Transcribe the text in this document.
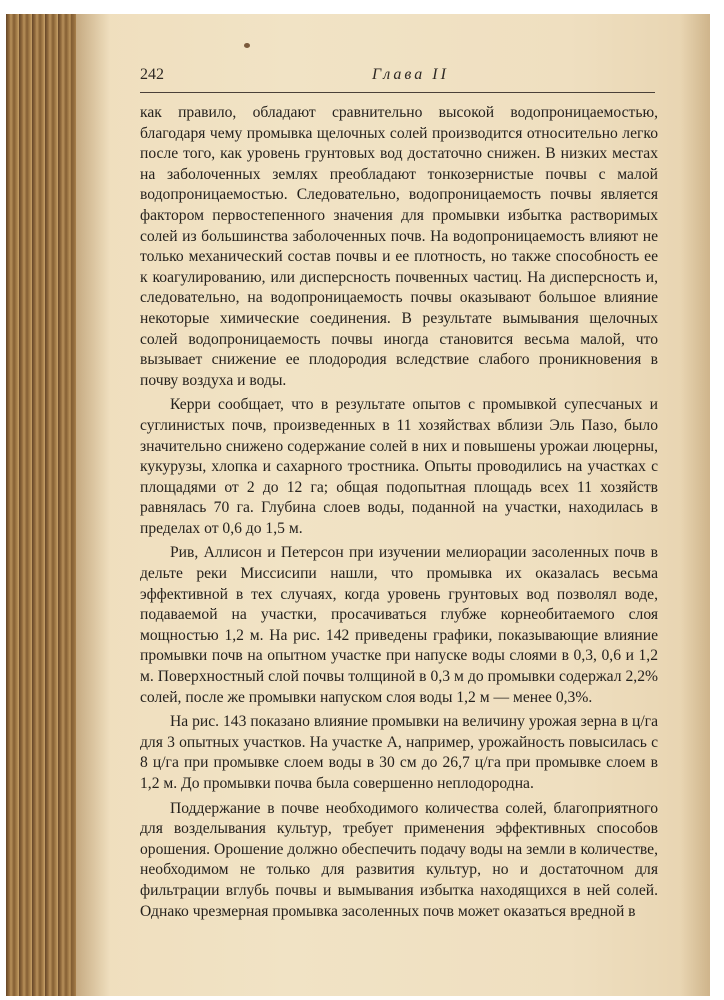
242	Глава II

как правило, обладают сравнительно высокой водопроницаемостью, благодаря чему промывка щелочных солей производится относительно легко после того, как уровень грунтовых вод достаточно снижен. В низких местах на заболоченных землях преобладают тонкозернистые почвы с малой водопроницаемостью. Следовательно, водопроницаемость почвы является фактором первостепенного значения для промывки избытка растворимых солей из большинства заболоченных почв. На водопроницаемость влияют не только механический состав почвы и ее плотность, но также способность ее к коагулированию, или дисперсность почвенных частиц. На дисперсность и, следовательно, на водопроницаемость почвы оказывают большое влияние некоторые химические соединения. В результате вымывания щелочных солей водопроницаемость почвы иногда становится весьма малой, что вызывает снижение ее плодородия вследствие слабого проникновения в почву воздуха и воды.

Керри сообщает, что в результате опытов с промывкой супесчаных и суглинистых почв, произведенных в 11 хозяйствах вблизи Эль Пазо, было значительно снижено содержание солей в них и повышены урожаи люцерны, кукурузы, хлопка и сахарного тростника. Опыты проводились на участках с площадями от 2 до 12 га; общая подопытная площадь всех 11 хозяйств равнялась 70 га. Глубина слоев воды, поданной на участки, находилась в пределах от 0,6 до 1,5 м.

Рив, Аллисон и Петерсон при изучении мелиорации засоленных почв в дельте реки Миссисипи нашли, что промывка их оказалась весьма эффективной в тех случаях, когда уровень грунтовых вод позволял воде, подаваемой на участки, просачиваться глубже корнеобитаемого слоя мощностью 1,2 м. На рис. 142 приведены графики, показывающие влияние промывки почв на опытном участке при напуске воды слоями в 0,3, 0,6 и 1,2 м. Поверхностный слой почвы толщиной в 0,3 м до промывки содержал 2,2% солей, после же промывки напуском слоя воды 1,2 м — менее 0,3%.

На рис. 143 показано влияние промывки на величину урожая зерна в ц/га для 3 опытных участков. На участке А, например, урожайность повысилась с 8 ц/га при промывке слоем воды в 30 см до 26,7 ц/га при промывке слоем в 1,2 м. До промывки почва была совершенно неплодородна.

Поддержание в почве необходимого количества солей, благоприятного для возделывания культур, требует применения эффективных способов орошения. Орошение должно обеспечить подачу воды на земли в количестве, необходимом не только для развития культур, но и достаточном для фильтрации вглубь почвы и вымывания избытка находящихся в ней солей. Однако чрезмерная промывка засоленных почв может оказаться вредной в
